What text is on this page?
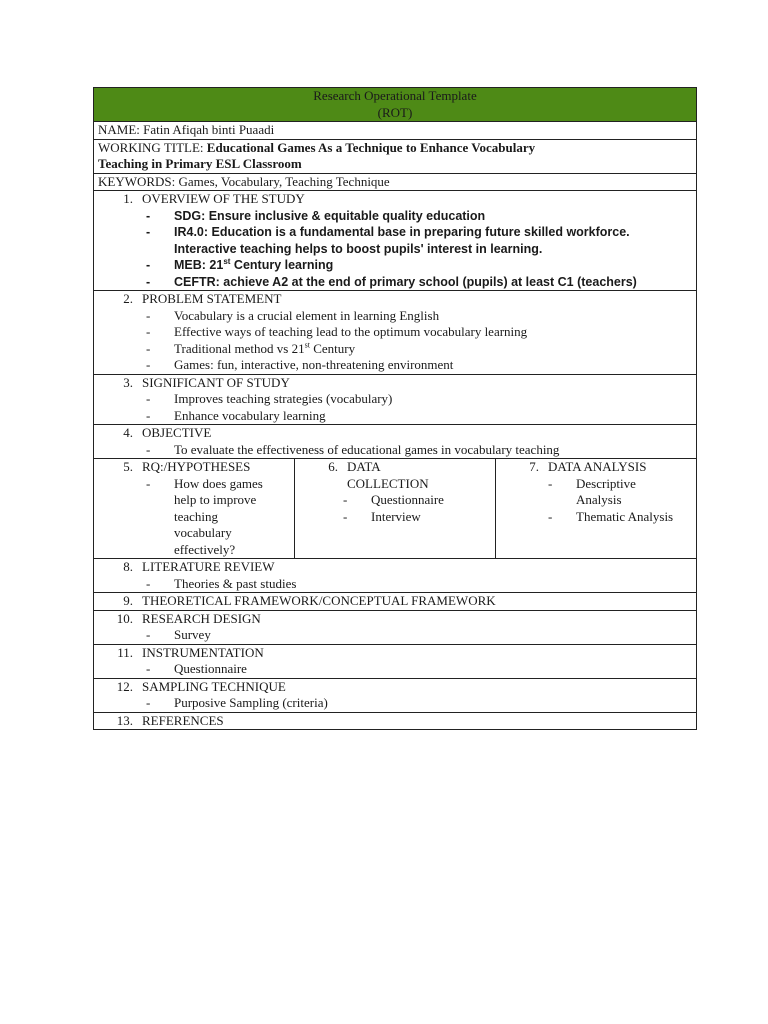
Research Operational Template
(ROT)

NAME: Fatin Afiqah binti Puaadi
WORKING TITLE: Educational Games As a Technique to Enhance Vocabulary
Teaching in Primary ESL Classroom
KEYWORDS: Games, Vocabulary, Teaching Technique

1. OVERVIEW OF THE STUDY
-	SDG: Ensure inclusive & equitable quality education
-	IR4.0: Education is a fundamental base in preparing future skilled workforce.
Interactive teaching helps to boost pupils' interest in learning.
-	MEB: 21st Century learning
-	CEFTR: achieve A2 at the end of primary school (pupils) at least C1 (teachers)

2. PROBLEM STATEMENT
-	Vocabulary is a crucial element in learning English
-	Effective ways of teaching lead to the optimum vocabulary learning
-	Traditional method vs 21st Century
-	Games: fun, interactive, non-threatening environment

3. SIGNIFICANT OF STUDY
-	Improves teaching strategies (vocabulary)
-	Enhance vocabulary learning

4. OBJECTIVE
-	To evaluate the effectiveness of educational games in vocabulary teaching

5. RQ:/HYPOTHESES
-	How does games
help to improve
teaching
vocabulary
effectively?

6. DATA
COLLECTION
-	Questionnaire
-	Interview

7. DATA ANALYSIS
-	Descriptive
Analysis
-	Thematic Analysis

8. LITERATURE REVIEW
-	Theories & past studies

9. THEORETICAL FRAMEWORK/CONCEPTUAL FRAMEWORK

10. RESEARCH DESIGN
-	Survey

11. INSTRUMENTATION
-	Questionnaire

12. SAMPLING TECHNIQUE
-	Purposive Sampling (criteria)

13. REFERENCES
